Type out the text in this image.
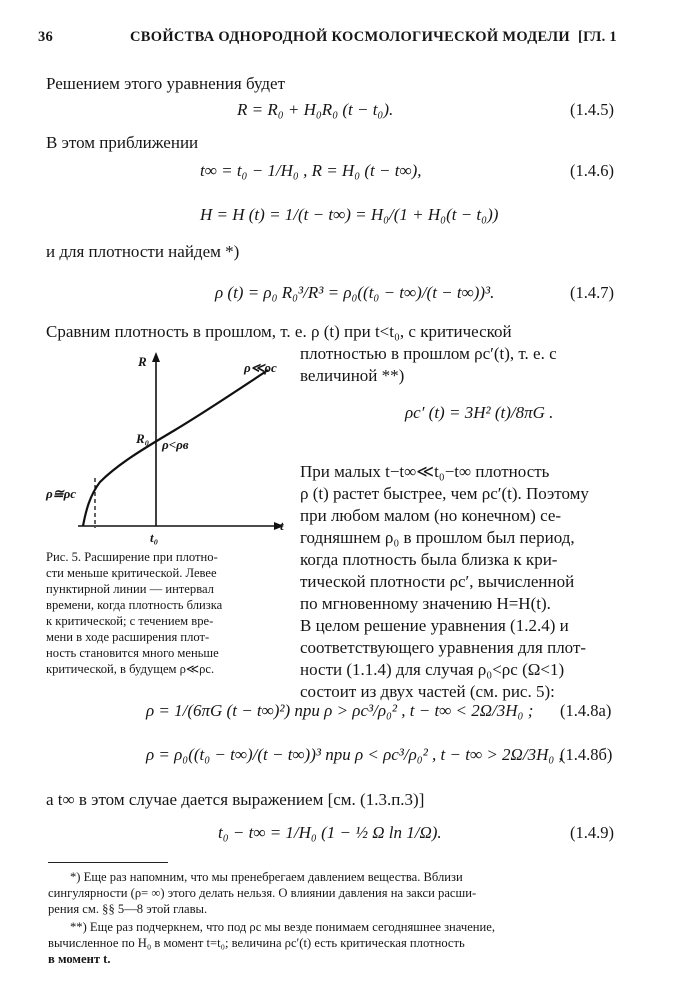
36	СВОЙСТВА ОДНОРОДНОЙ КОСМОЛОГИЧЕСКОЙ МОДЕЛИ [ГЛ. 1
Решением этого уравнения будет
R = R₀ + H₀R₀ (t − t₀).	(1.4.5)
В этом приближении
t∞ = t₀ − 1/H₀ , R = H₀ (t − t∞),	(1.4.6)
H = H (t) = 1/(t − t∞) = H₀/(1 + H₀(t − t₀))
и для плотности найдем *)
ρ (t) = ρ₀ R₀³/R³ = ρ₀((t₀ − t∞)/(t − t∞))³.	(1.4.7)
Сравним плотность в прошлом, т. е. ρ (t) при t<t₀, с критической
плотностью в прошлом ρc′(t), т. е. с
величиной **)
ρc′ (t) = 3H² (t)/8πG .
При малых t−t∞≪t₀−t∞ плотность
ρ (t) растет быстрее, чем ρc′(t). Поэтому
при любом малом (но конечном) се-
годняшнем ρ₀ в прошлом был период,
когда плотность была близка к кри-
тической плотности ρc′, вычисленной
по мгновенному значению H=H(t).
В целом решение уравнения (1.2.4) и
соответствующего уравнения для плот-
ности (1.1.4) для случая ρ₀<ρc (Ω<1)
состоит из двух частей (см. рис. 5):
R
t
ρ≪ρc
ρ<ρв
R₀
ρ≅ρc
t₀
Рис. 5. Расширение при плотно-
сти меньше критической. Левее
пунктирной линии — интервал
времени, когда плотность близка
к критической; с течением вре-
мени в ходе расширения плот-
ность становится много меньше
критической, в будущем ρ≪ρc.
ρ = 1/(6πG (t − t∞)²) при ρ > ρc³/ρ₀² , t − t∞ < 2Ω/3H₀ ; (1.4.8а)
ρ = ρ₀((t₀ − t∞)/(t − t∞))³ при ρ < ρc³/ρ₀² , t − t∞ > 2Ω/3H₀ ,
(1.4.8б)
а t∞ в этом случае дается выражением [см. (1.3.п.3)]
t₀ − t∞ = 1/H₀ (1 − ½ Ω ln 1/Ω).	(1.4.9)
*) Еще раз напомним, что мы пренебрегаем давлением вещества. Вблизи
сингулярности (ρ= ∞) этого делать нельзя. О влиянии давления на закси расши-
рения см. §§ 5—8 этой главы.
**) Еще раз подчеркнем, что под ρc мы везде понимаем сегодняшнее значение,
вычисленное по H₀ в момент t=t₀; величина ρc′(t) есть критическая плотность
в момент t.
